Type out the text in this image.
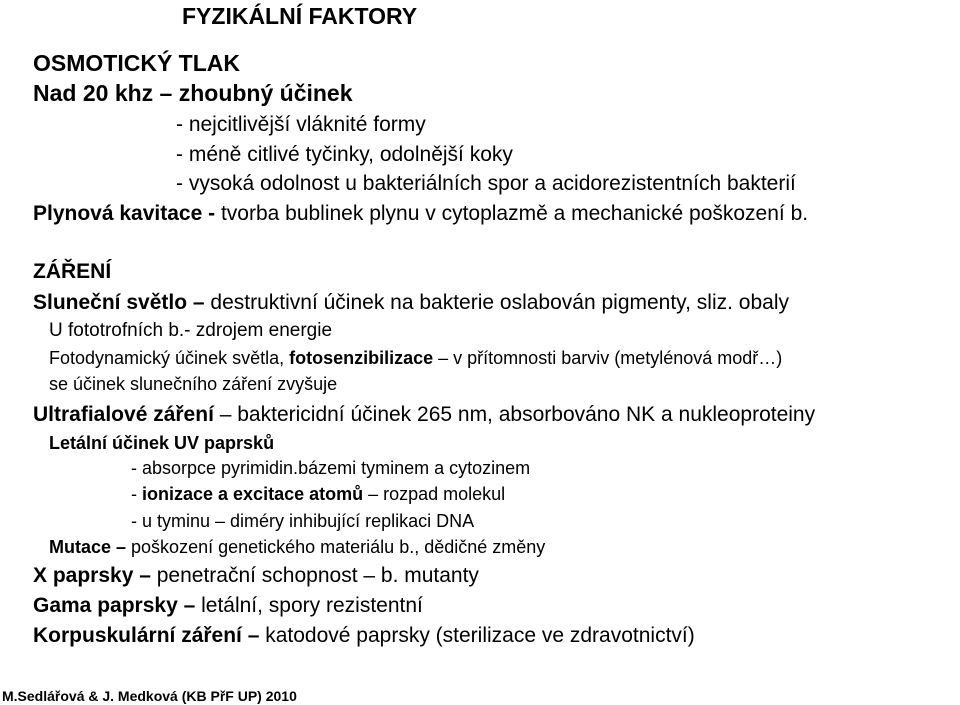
FYZIKÁLNÍ FAKTORY
OSMOTICKÝ TLAK
Nad 20 khz – zhoubný účinek
- nejcitlivější vláknité formy
- méně citlivé tyčinky, odolnější koky
- vysoká odolnost u bakteriálních spor a acidorezistentních bakterií
Plynová kavitace - tvorba bublinek plynu v cytoplazmě a mechanické poškození b.
ZÁŘENÍ
Sluneční světlo – destruktivní účinek na bakterie oslabován pigmenty, sliz. obaly
U fototrofních b.- zdrojem energie
Fotodynamický účinek světla, fotosenzibilizace – v přítomnosti barviv (metylénová modř…)
se účinek slunečního záření zvyšuje
Ultrafialové záření – baktericidní účinek 265 nm, absorbováno NK a nukleoproteiny
Letální účinek UV paprsků
- absorpce pyrimidin.bázemi tyminem a cytozinem
- ionizace a excitace atomů – rozpad molekul
- u tyminu – diméry inhibující replikaci DNA
Mutace – poškození genetického materiálu b., dědičné změny
X paprsky – penetrační schopnost – b. mutanty
Gama paprsky – letální, spory rezistentní
Korpuskulární záření – katodové paprsky (sterilizace ve zdravotnictví)
M.Sedlářová & J. Medková (KB PřF UP) 2010
